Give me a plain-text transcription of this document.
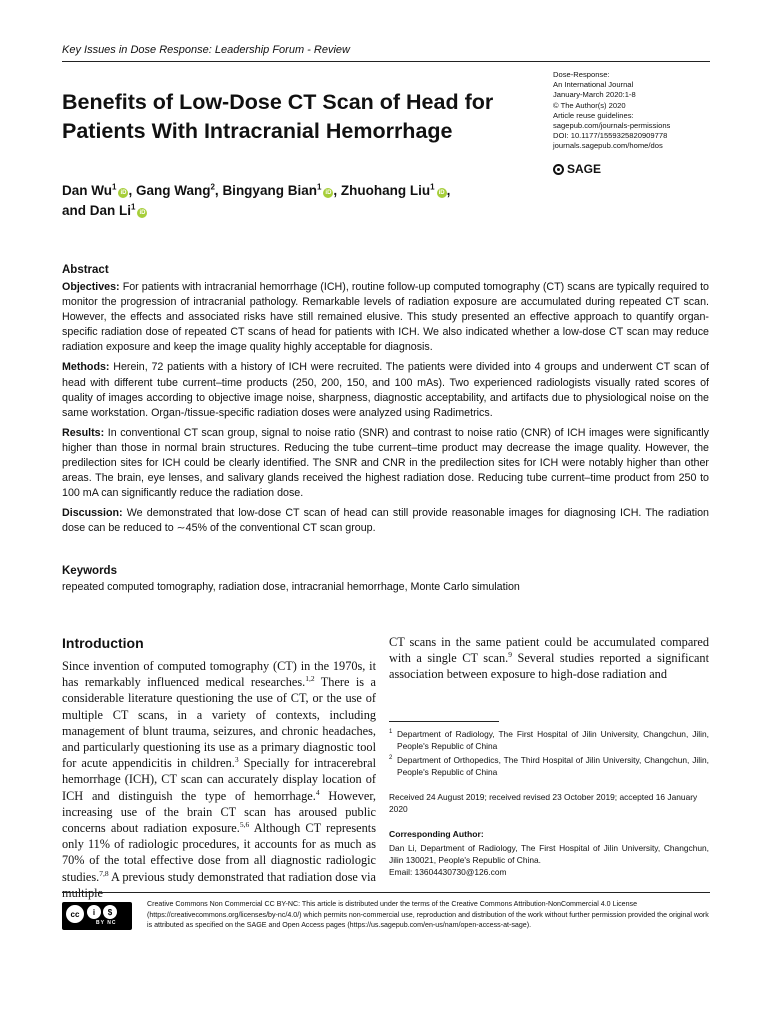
Key Issues in Dose Response: Leadership Forum - Review
Benefits of Low-Dose CT Scan of Head for Patients With Intracranial Hemorrhage
Dose-Response:
An International Journal
January-March 2020:1-8
© The Author(s) 2020
Article reuse guidelines:
sagepub.com/journals-permissions
DOI: 10.1177/1559325820909778
journals.sagepub.com/home/dos
SAGE
Dan Wu$^1$iD , Gang Wang$^2$, Bingyang Bian$^1$iD , Zhuohang Liu$^1$iD ,
and Dan Li$^1$iD
Abstract

Objectives: For patients with intracranial hemorrhage (ICH), routine follow-up computed tomography (CT) scans are typically required to monitor the progression of intracranial pathology. Remarkable levels of radiation exposure are accumulated during repeated CT scan. However, the effects and associated risks have still remained elusive. This study presented an effective approach to quantify organ-specific radiation dose of repeated CT scans of head for patients with ICH. We also indicated whether a low-dose CT scan may reduce radiation exposure and keep the image quality highly acceptable for diagnosis.

Methods: Herein, 72 patients with a history of ICH were recruited. The patients were divided into 4 groups and underwent CT scan of head with different tube current–time products (250, 200, 150, and 100 mAs). Two experienced radiologists visually rated scores of quality of images according to objective image noise, sharpness, diagnostic acceptability, and artifacts due to physiological noise on the same workstation. Organ-/tissue-specific radiation doses were analyzed using Radimetrics.

Results: In conventional CT scan group, signal to noise ratio (SNR) and contrast to noise ratio (CNR) of ICH images were significantly higher than those in normal brain structures. Reducing the tube current–time product may decrease the image quality. However, the predilection sites for ICH could be clearly identified. The SNR and CNR in the predilection sites for ICH were notably higher than other areas. The brain, eye lenses, and salivary glands received the highest radiation dose. Reducing tube current–time product from 250 to 100 mA can significantly reduce the radiation dose.

Discussion: We demonstrated that low-dose CT scan of head can still provide reasonable images for diagnosing ICH. The radiation dose can be reduced to ∼45% of the conventional CT scan group.

Keywords
repeated computed tomography, radiation dose, intracranial hemorrhage, Monte Carlo simulation
Introduction
Since invention of computed tomography (CT) in the 1970s, it has remarkably influenced medical researches.$^{1,2}$ There is a considerable literature questioning the use of CT, or the use of multiple CT scans, in a variety of contexts, including management of blunt trauma, seizures, and chronic headaches, and particularly questioning its use as a primary diagnostic tool for acute appendicitis in children.$^3$ Specially for intracerebral hemorrhage (ICH), CT scan can accurately display location of ICH and distinguish the type of hemorrhage.$^4$ However, increasing use of the brain CT scan has aroused public concerns about radiation exposure.$^{5,6}$ Although CT represents only 11% of radiologic procedures, it accounts for as much as 70% of the total effective dose from all diagnostic radiologic studies.$^{7,8}$ A previous study demonstrated that radiation dose via
CT scans in the same patient could be accumulated compared with a single CT scan.$^9$ Several studies reported a significant association between exposure to high-dose radiation and
1 Department of Radiology, The First Hospital of Jilin University, Changchun, Jilin, People's Republic of China
2 Department of Orthopedics, The Third Hospital of Jilin University, Changchun, Jilin, People's Republic of China
Received 24 August 2019; received revised 23 October 2019; accepted 16 January 2020
Corresponding Author:
Dan Li, Department of Radiology, The First Hospital of Jilin University, Changchun, Jilin 130021, People's Republic of China.
Email: 13604430730@126.com
cc	i	$
BY NC
Creative Commons Non Commercial CC BY-NC: This article is distributed under the terms of the Creative Commons Attribution-NonCommercial 4.0 License (https://creativecommons.org/licenses/by-nc/4.0/) which permits non-commercial use, reproduction and distribution of the work without further permission provided the original work is attributed as specified on the SAGE and Open Access pages (https://us.sagepub.com/en-us/nam/open-access-at-sage).
